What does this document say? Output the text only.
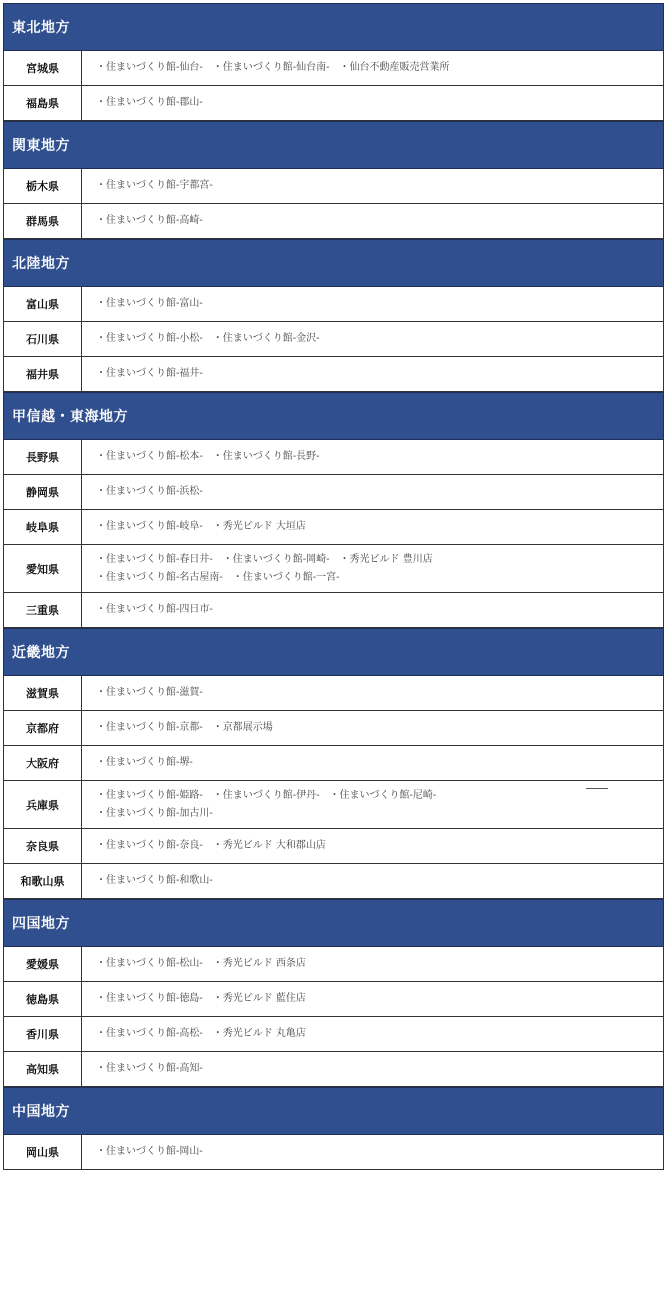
東北地方
宮城県	・住まいづくり館-仙台-　・住まいづくり館-仙台南-　・仙台不動産販売営業所
福島県	・住まいづくり館-郡山-
関東地方
栃木県	・住まいづくり館-宇都宮-
群馬県	・住まいづくり館-高崎-
北陸地方
富山県	・住まいづくり館-富山-
石川県	・住まいづくり館-小松-　・住まいづくり館-金沢-
福井県	・住まいづくり館-福井-
甲信越・東海地方
長野県	・住まいづくり館-松本-　・住まいづくり館-長野-
静岡県	・住まいづくり館-浜松-
岐阜県	・住まいづくり館-岐阜-　・秀光ビルド 大垣店
愛知県
・住まいづくり館-春日井-　・住まいづくり館-岡崎-　・秀光ビルド 豊川店
・住まいづくり館-名古屋南-　・住まいづくり館-一宮-
三重県	・住まいづくり館-四日市-
近畿地方
滋賀県	・住まいづくり館-滋賀-
京都府	・住まいづくり館-京都-　・京都展示場
大阪府	・住まいづくり館-堺-
兵庫県
・住まいづくり館-姫路-　・住まいづくり館-伊丹-　・住まいづくり館-尼崎-
・住まいづくり館-加古川-
奈良県	・住まいづくり館-奈良-　・秀光ビルド 大和郡山店
和歌山県	・住まいづくり館-和歌山-
四国地方
愛媛県	・住まいづくり館-松山-　・秀光ビルド 西条店
徳島県	・住まいづくり館-徳島-　・秀光ビルド 藍住店
香川県	・住まいづくり館-高松-　・秀光ビルド 丸亀店
高知県	・住まいづくり館-高知-
中国地方
岡山県	・住まいづくり館-岡山-
